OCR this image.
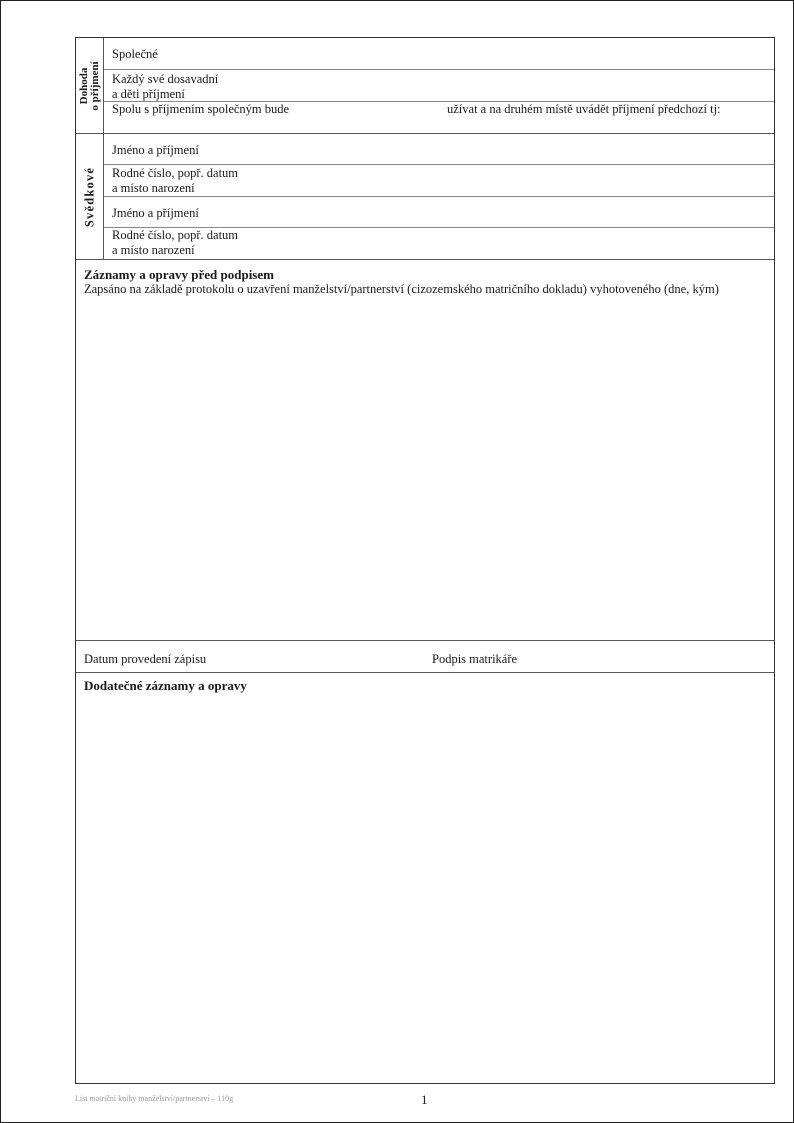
Dohoda o příjmení
Společné
Každý své dosavadní
a děti příjmení
Spolu s příjmením společným bude	užívat a na druhém místě uvádět příjmení předchozí tj:
Svědkové
Jméno a příjmení
Rodné číslo, popř. datum
a místo narození
Jméno a příjmení
Rodné číslo, popř. datum
a místo narození
Záznamy a opravy před podpisem
Zapsáno na základě protokolu o uzavření manželství/partnerství (cizozemského matričního dokladu) vyhotoveného (dne, kým)
Datum provedení zápisu	Podpis matrikáře
Dodatečné záznamy a opravy
List matriční knihy manželství/partnerství – 110g	1
